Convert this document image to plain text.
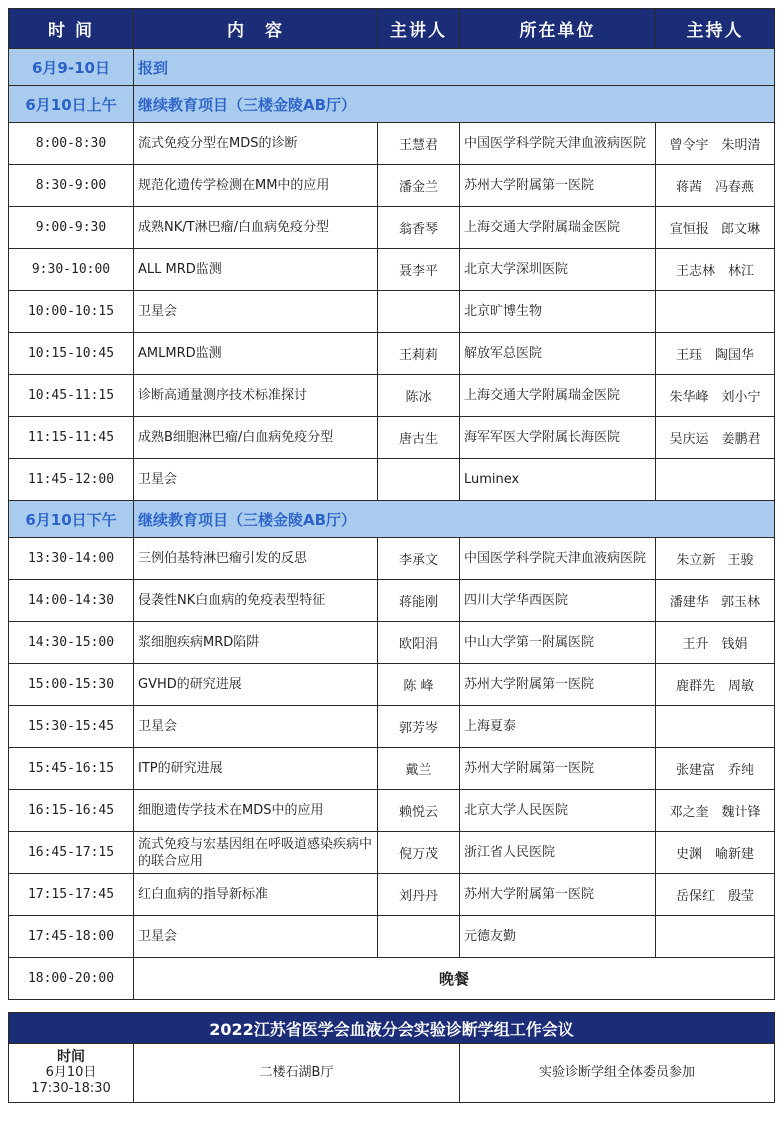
时 间	内　容	主讲人	所在单位	主持人
6月9-10日	报到			
6月10日上午	继续教育项目（三楼金陵AB厅）			
8:00-8:30	流式免疫分型在MDS的诊断	王慧君	中国医学科学院天津血液病医院	曾令宇　朱明清
8:30-9:00	规范化遗传学检测在MM中的应用	潘金兰	苏州大学附属第一医院	蒋茜　冯春燕
9:00-9:30	成熟NK/T淋巴瘤/白血病免疫分型	翁香琴	上海交通大学附属瑞金医院	宣恒报 郎文琳
9:30-10:00	ALL MRD监测	聂李平	北京大学深圳医院	王志林　林江
10:00-10:15	卫星会		北京旷博生物	
10:15-10:45	AMLMRD监测	王莉莉	解放军总医院	王珏　陶国华
10:45-11:15	诊断高通量测序技术标准探讨	陈冰	上海交通大学附属瑞金医院	朱华峰　刘小宁
11:15-11:45	成熟B细胞淋巴瘤/白血病免疫分型	唐古生	海军军医大学附属长海医院	吴庆运　姜鹏君
11:45-12:00	卫星会		Luminex	
6月10日下午	继续教育项目（三楼金陵AB厅）			
13:30-14:00	三例伯基特淋巴瘤引发的反思	李承文	中国医学科学院天津血液病医院	朱立新 王骏
14:00-14:30	侵袭性NK白血病的免疫表型特征	蒋能刚	四川大学华西医院	潘建华 郭玉林
14:30-15:00	浆细胞疾病MRD陷阱	欧阳涓	中山大学第一附属医院	王升　钱娟
15:00-15:30	GVHD的研究进展	陈 峰	苏州大学附属第一医院	鹿群先　周敏
15:30-15:45	卫星会	郭芳岑	上海夏泰	
15:45-16:15	ITP的研究进展	戴兰	苏州大学附属第一医院	张建富　乔纯
16:15-16:45	细胞遗传学技术在MDS中的应用	赖悦云	北京大学人民医院	邓之奎　魏计锋
16:45-17:15	流式免疫与宏基因组在呼吸道感染疾病中的联合应用	倪万茂	浙江省人民医院	史渊　喻新建
17:15-17:45	红白血病的指导新标准	刘丹丹	苏州大学附属第一医院	岳保红　殷莹
17:45-18:00	卫星会		元德友勤	
18:00-20:00	晚餐			
2022江苏省医学会血液分会实验诊断学组工作会议

时间
6月10日
17:30-18:30
	二楼石湖B厅	实验诊断学组全体委员参加
